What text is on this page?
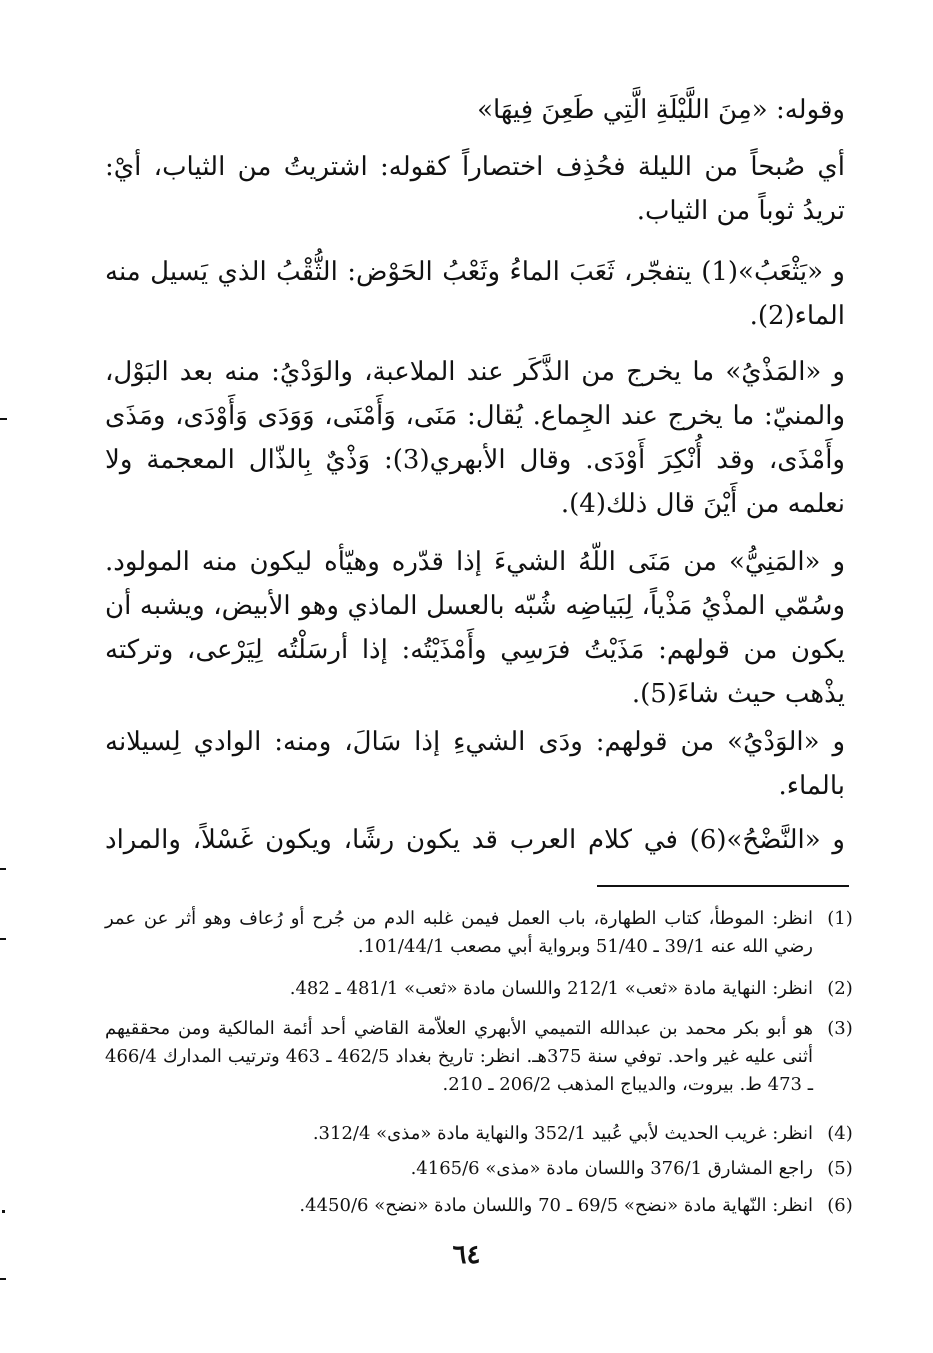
وقوله: «مِنَ اللَّيْلَةِ الَّتِي طَعِنَ فِيهَا»
أي صُبحاً من الليلة فحُذِف اختصاراً كقوله: اشتريتُ من الثياب، أيْ: تريدُ ثوباً من الثياب.
و «يَثْعَبُ»(1) يتفجّر، ثَعَبَ الماءُ وثَعْبُ الحَوْض: الثُّقْبُ الذي يَسيل منه الماء(2).
و «المَذْيُ» ما يخرج من الذَّكَر عند الملاعبة، والوَدْيُ: منه بعد البَوْل، والمنيّ: ما يخرج عند الجِماع. يُقال: مَنَى، وَأَمْنَى، وَوَدَى وَأَوْدَى، ومَذَى وأَمْذَى، وقد أُنْكِرَ أَوْدَى. وقال الأبهري(3): وَذْيٌ بِالذّال المعجمة ولا نعلمه من أَيْنَ قال ذلك(4).
و «المَنِيُّ» من مَنَى اللّهُ الشيءَ إذا قدّره وهيّأه ليكون منه المولود. وسُمّي المذْيُ مَذْياً، لِبَياضِه شُبّه بالعسل الماذي وهو الأبيض، ويشبه أن يكون من قولهم: مَذَيْتُ فرَسِي وأَمْذَيْتُه: إذا أرسَلْتُه لِيَرْعى، وتركته يذْهب حيث شاءَ(5).
و «الوَدْيُ» من قولهم: ودَى الشيءِ إذا سَالَ، ومنه: الوادي لِسيلانه بالماء.
و «النَّضْحُ»(6) في كلام العرب قد يكون رشًا، ويكون غَسْلاً، والمراد
(1)
انظر: الموطأ، كتاب الطهارة، باب العمل فيمن غلبه الدم من جُرح أو رُعاف وهو أثر عن عمر رضي الله عنه 39/1 ـ 51/40 وبرواية أبي مصعب 101/44/1.
(2)
انظر: النهاية مادة «ثعب» 212/1 واللسان مادة «ثعب» 481/1 ـ 482.
(3)
هو أبو بكر محمد بن عبدالله التميمي الأبهري العلاّمة القاضي أحد أئمة المالكية ومن محققيهم أثنى عليه غير واحد. توفي سنة 375هـ. انظر: تاريخ بغداد 462/5 ـ 463 وترتيب المدارك 466/4 ـ 473 ط. بيروت، والديباج المذهب 206/2 ـ 210.
(4)
انظر: غريب الحديث لأبي عُبيد 352/1 والنهاية مادة «مذى» 312/4.
(5)
راجع المشارق 376/1 واللسان مادة «مذى» 4165/6.
(6)
انظر: النّهاية مادة «نضح» 69/5 ـ 70 واللسان مادة «نضح» 4450/6.
٦٤
